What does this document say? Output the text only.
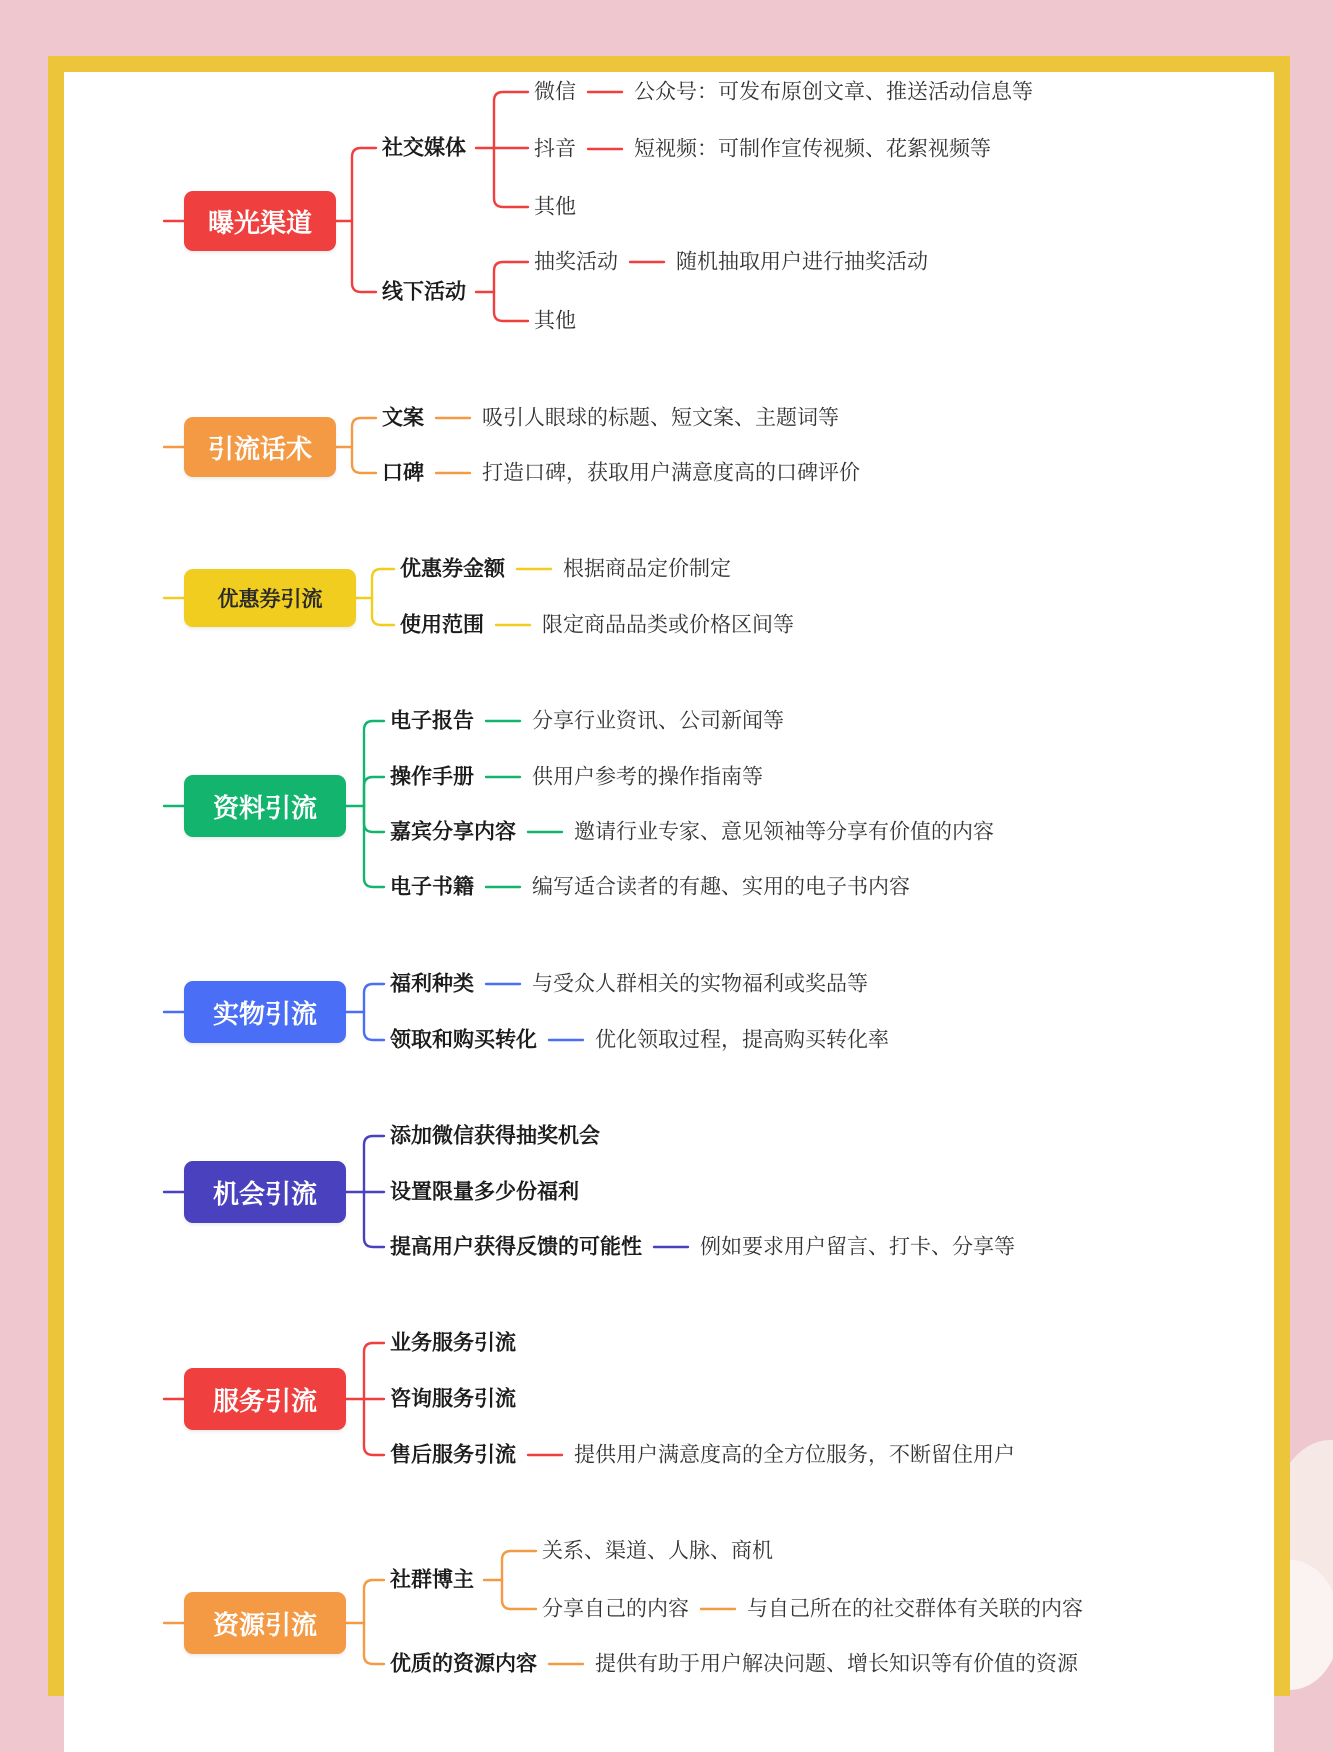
曝光渠道
社交媒体
微信	公众号：可发布原创文章、推送活动信息等
抖音	短视频：可制作宣传视频、花絮视频等
其他
线下活动
抽奖活动	随机抽取用户进行抽奖活动
其他
引流话术
文案	吸引人眼球的标题、短文案、主题词等
口碑	打造口碑，获取用户满意度高的口碑评价
优惠券引流
优惠券金额	根据商品定价制定
使用范围	限定商品品类或价格区间等
资料引流
电子报告	分享行业资讯、公司新闻等
操作手册	供用户参考的操作指南等
嘉宾分享内容	邀请行业专家、意见领袖等分享有价值的内容
电子书籍	编写适合读者的有趣、实用的电子书内容
实物引流
福利种类	与受众人群相关的实物福利或奖品等
领取和购买转化	优化领取过程，提高购买转化率
机会引流
添加微信获得抽奖机会
设置限量多少份福利
提高用户获得反馈的可能性	例如要求用户留言、打卡、分享等
服务引流
业务服务引流
咨询服务引流
售后服务引流	提供用户满意度高的全方位服务，不断留住用户
资源引流
社群博主
关系、渠道、人脉、商机
分享自己的内容	与自己所在的社交群体有关联的内容
优质的资源内容	提供有助于用户解决问题、增长知识等有价值的资源
